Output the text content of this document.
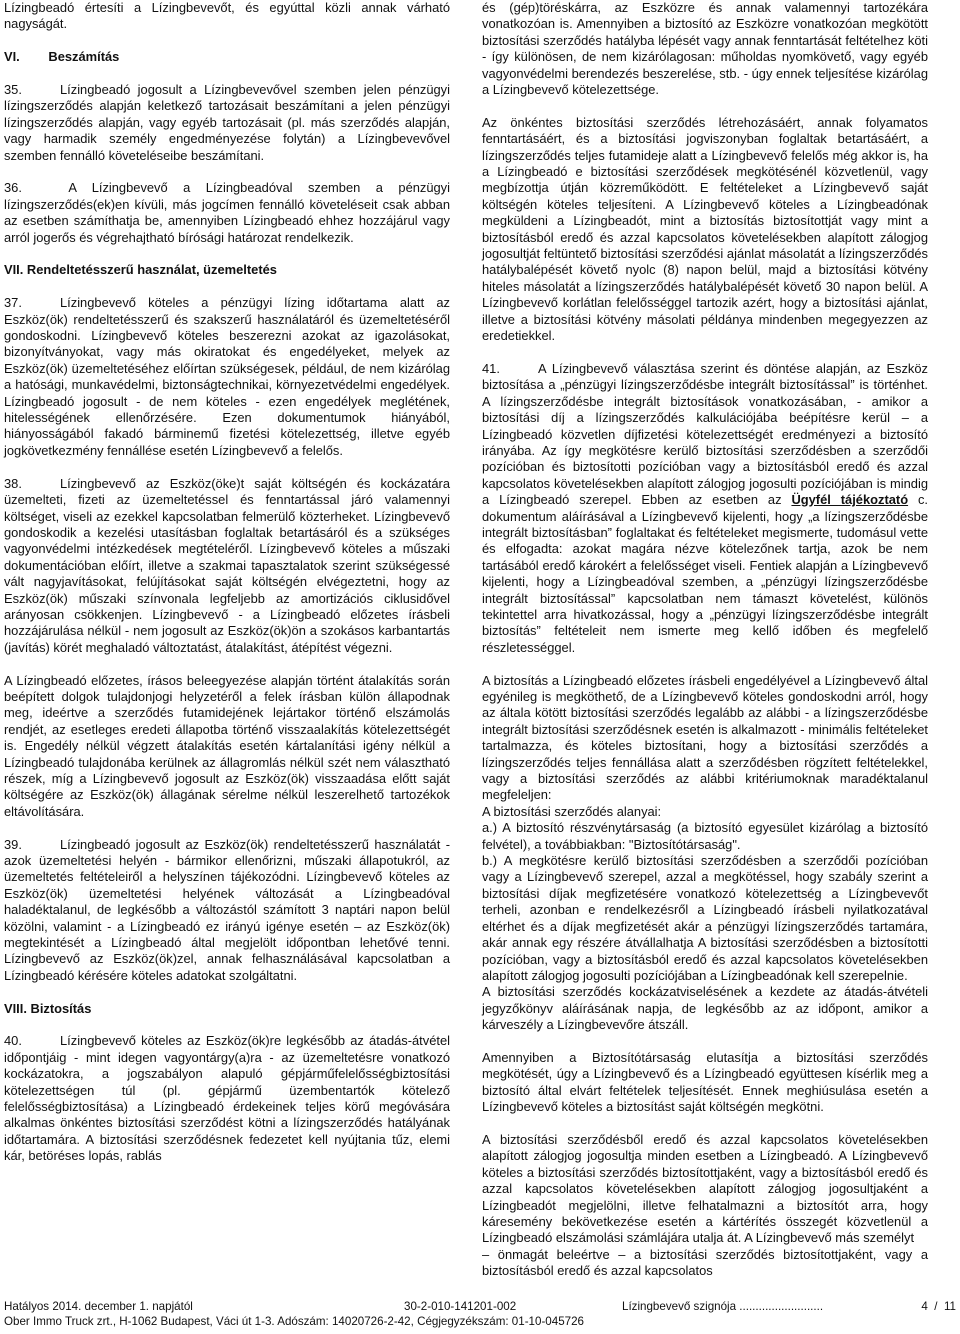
Lízingbeadó értesíti a Lízingbevevőt, és egyúttal közli annak várható nagyságát.

VI.        Beszámítás

35.	Lízingbeadó jogosult a Lízingbevevővel szemben jelen pénzügyi lízingszerződés alapján keletkező tartozásait beszámítani a jelen pénzügyi lízingszerződés alapján, vagy egyéb tartozásait (pl. más szerződés alapján, vagy harmadik személy engedményezése folytán) a Lízingbevevővel szemben fennálló követeléseibe beszámítani.

36.	A Lízingbevevő a Lízingbeadóval szemben a pénzügyi lízingszerződés(ek)en kívüli, más jogcímen fennálló követeléseit csak abban az esetben számíthatja be, amennyiben Lízingbeadó ehhez hozzájárul vagy arról jogerős és végrehajtható bírósági határozat rendelkezik.

VII. Rendeltetésszerű használat, üzemeltetés

37.	Lízingbevevő köteles a pénzügyi lízing időtartama alatt az Eszköz(ök) rendeltetésszerű és szakszerű használatáról és üzemeltetéséről gondoskodni. Lízingbevevő köteles beszerezni azokat az igazolásokat, bizonyítványokat, vagy más okiratokat és engedélyeket, melyek az Eszköz(ök) üzemeltetéséhez előírtan szükségesek, például, de nem kizárólag a hatósági, munkavédelmi, biztonságtechnikai, környezetvédelmi engedélyek. Lízingbeadó jogosult - de nem köteles - ezen engedélyek meglétének, hitelességének ellenőrzésére. Ezen dokumentumok hiányából, hiányosságából fakadó bárminemű fizetési kötelezettség, illetve egyéb jogkövetkezmény fennállése esetén Lízingbevevő a felelős.

38.	Lízingbevevő az Eszköz(öke)t saját költségén és kockázatára üzemelteti, fizeti az üzemeltetéssel és fenntartással járó valamennyi költséget, viseli az ezekkel kapcsolatban felmerülő közterheket. Lízingbevevő gondoskodik a kezelési utasításban foglaltak betartásáról és a szükséges vagyonvédelmi intézkedések megtételéről. Lízingbevevő köteles a műszaki dokumentációban előírt, illetve a szakmai tapasztalatok szerint szükségessé vált nagyjavításokat, felújításokat saját költségén elvégeztetni, hogy az Eszköz(ök) műszaki színvonala legfeljebb az amortizációs ciklusidővel arányosan csökkenjen. Lízingbevevő - a Lízingbeadó előzetes írásbeli hozzájárulása nélkül - nem jogosult az Eszköz(ök)ön a szokásos karbantartás (javítás) körét meghaladó változtatást, átalakítást, átépítést végezni.

A Lízingbeadó előzetes, írásos beleegyezése alapján történt átalakítás során beépített dolgok tulajdonjogi helyzetéről a felek írásban külön állapodnak meg, ideértve a szerződés futamidejének lejártakor történő elszámolás rendjét, az esetleges eredeti állapotba történő visszaalakítás kötelezettségét is. Engedély nélkül végzett átalakítás esetén kártalanítási igény nélkül a Lízingbeadó tulajdonába kerülnek az állagromlás nélkül szét nem választható részek, míg a Lízingbevevő jogosult az Eszköz(ök) visszaadása előtt saját költségére az Eszköz(ök) állagának sérelme nélkül leszerelhető tartozékok eltávolítására.

39.	Lízingbeadó jogosult az Eszköz(ök) rendeltetésszerű használatát - azok üzemeltetési helyén - bármikor ellenőrizni, műszaki állapotukról, az üzemeltetés feltételeiről a helyszínen tájékozódni. Lízingbevevő köteles az Eszköz(ök) üzemeltetési helyének változását a Lízingbeadóval haladéktalanul, de legkésőbb a változástól számított 3 naptári napon belül közölni, valamint - a Lízingbeadó ez irányú igénye esetén – az Eszköz(ök) megtekintését a Lízingbeadó által megjelölt időpontban lehetővé tenni. Lízingbevevő az Eszköz(ök)zel, annak felhasználásával kapcsolatban a Lízingbeadó kérésére köteles adatokat szolgáltatni.

VIII. Biztosítás

40.	Lízingbevevő köteles az Eszköz(ök)re legkésőbb az átadás-átvétel időpontjáig - mint idegen vagyontárgy(a)ra - az üzemeltetésre vonatkozó kockázatokra, a jogszabályon alapuló gépjárműfelelősségbiztosítási kötelezettségen túl (pl. gépjármű üzembentartók kötelező felelősségbiztosítása) a Lízingbeadó érdekeinek teljes körű megóvására alkalmas önkéntes biztosítási szerződést kötni a lízingszerződés hatályának időtartamára. A biztosítási szerződésnek fedezetet kell nyújtania tűz, elemi kár, betöréses lopás, rablás

és (gép)töréskárra, az Eszközre és annak valamennyi tartozékára vonatkozóan is. Amennyiben a biztosító az Eszközre vonatkozóan megkötött biztosítási szerződés hatályba lépését vagy annak fenntartását feltételhez köti - így különösen, de nem kizárólagosan: műholdas nyomkövető, vagy egyéb vagyonvédelmi berendezés beszerelése, stb. - úgy ennek teljesítése kizárólag a Lízingbevevő kötelezettsége.

Az önkéntes biztosítási szerződés létrehozásáért, annak folyamatos fenntartásáért, és a biztosítási jogviszonyban foglaltak betartásáért, a lízingszerződés teljes futamideje alatt a Lízingbevevő felelős még akkor is, ha a Lízingbeadó e biztosítási szerződések megkötésénél közvetlenül, vagy megbízottja útján közreműködött. E feltételeket a Lízingbevevő saját költségén köteles teljesíteni. A Lízingbevevő köteles a Lízingbeadónak megküldeni a Lízingbeadót, mint a biztosítás biztosítottját vagy mint a biztosításból eredő és azzal kapcsolatos követelésekben alapított zálogjog jogosultját feltüntető biztosítási szerződési ajánlat másolatát a lízingszerződés hatálybalépését követő nyolc (8) napon belül, majd a biztosítási kötvény hiteles másolatát a lízingszerződés hatálybalépését követő 30 napon belül. A Lízingbevevő korlátlan felelősséggel tartozik azért, hogy a biztosítási ajánlat, illetve a biztosítási kötvény másolati példánya mindenben megegyezzen az eredetiekkel.

41.	A Lízingbevevő választása szerint és döntése alapján, az Eszköz biztosítása a „pénzügyi lízingszerződésbe integrált biztosítással” is történhet. A lízingszerződésbe integrált biztosítások vonatkozásában, - amikor a biztosítási díj a lízingszerződés kalkulációjába beépítésre kerül – a Lízingbeadó közvetlen díjfizetési kötelezettségét eredményezi a biztosító irányába. Az így megkötésre kerülő biztosítási szerződésben a szerződői pozícióban és biztosítotti pozícióban vagy a biztosításból eredő és azzal kapcsolatos követelésekben alapított zálogjog jogosulti pozíciójában is mindig a Lízingbeadó szerepel. Ebben az esetben az Ügyfél tájékoztató c. dokumentum aláírásával a Lízingbevevő kijelenti, hogy „a lízingszerződésbe integrált biztosításban” foglaltakat és feltételeket megismerte, tudomásul vette és elfogadta: azokat magára nézve kötelezőnek tartja, azok be nem tartásából eredő károkért a felelősséget viseli. Fentiek alapján a Lízingbevevő kijelenti, hogy a Lízingbeadóval szemben, a „pénzügyi lízingszerződésbe integrált biztosítással” kapcsolatban nem támaszt követelést, különös tekintettel arra hivatkozással, hogy a „pénzügyi lízingszerződésbe integrált biztosítás” feltételeit nem ismerte meg kellő időben és megfelelő részletességgel.

A biztosítás a Lízingbeadó előzetes írásbeli engedélyével a Lízingbevevő által egyénileg is megköthető, de a Lízingbevevő köteles gondoskodni arról, hogy az általa kötött biztosítási szerződés legalább az alábbi - a lízingszerződésbe integrált biztosítási szerződésnek esetén is alkalmazott - minimális feltételeket tartalmazza, és köteles biztosítani, hogy a biztosítási szerződés a lízingszerződés teljes fennállása alatt a szerződésben rögzített feltételekkel, vagy a biztosítási szerződés az alábbi kritériumoknak maradéktalanul megfeleljen:

A biztosítási szerződés alanyai:

a.) A biztosító részvénytársaság (a biztosító egyesület kizárólag a biztosító felvétel), a továbbiakban: "Biztosítótársaság".

b.) A megkötésre kerülő biztosítási szerződésben a szerződői pozícióban vagy a Lízingbevevő szerepel, azzal a megkötéssel, hogy szabály szerint a biztosítási díjak megfizetésére vonatkozó kötelezettség a Lízingbevevőt terheli, azonban e rendelkezésről a Lízingbeadó írásbeli nyilatkozatával eltérhet és a díjak megfizetését akár a pénzügyi lízingszerződés tartamára, akár annak egy részére átvállalhatja A biztosítási szerződésben a biztosítotti pozícióban, vagy a biztosításból eredő és azzal kapcsolatos követelésekben alapított zálogjog jogosulti pozíciójában a Lízingbeadónak kell szerepelnie.

A biztosítási szerződés kockázatviselésének a kezdete az átadás-átvételi jegyzőkönyv aláírásának napja, de legkésőbb az az időpont, amikor a kárveszély a Lízingbevevőre átszáll.

Amennyiben a Biztosítótársaság elutasítja a biztosítási szerződés megkötését, úgy a Lízingbevevő és a Lízingbeadó együttesen kísérlik meg a biztosító által elvárt feltételek teljesítését. Ennek meghiúsulása esetén a Lízingbevevő köteles a biztosítást saját költségén megkötni.

A biztosítási szerződésből eredő és azzal kapcsolatos követelésekben alapított zálogjog jogosultja minden esetben a Lízingbeadó. A Lízingbevevő köteles a biztosítási szerződés biztosítottjaként, vagy a biztosításból eredő és azzal kapcsolatos követelésekben alapított zálogjog jogosultjaként a Lízingbeadót megjelölni, illetve felhatalmazni a biztosítót arra, hogy káresemény bekövetkezése esetén a kártérítés összegét közvetlenül a Lízingbeadó elszámolási számlájára utalja át. A Lízingbevevő más személyt

– önmagát beleértve – a biztosítási szerződés biztosítottjaként, vagy a biztosításból eredő és azzal kapcsolatos

Hatályos 2014. december 1. napjától	30-2-010-141201-002	Lízingbevevő szignója ..........................	4  /  11
Ober Immo Truck zrt., H-1062 Budapest, Váci út 1-3. Adószám: 14020726-2-42, Cégjegyzékszám: 01-10-045726
